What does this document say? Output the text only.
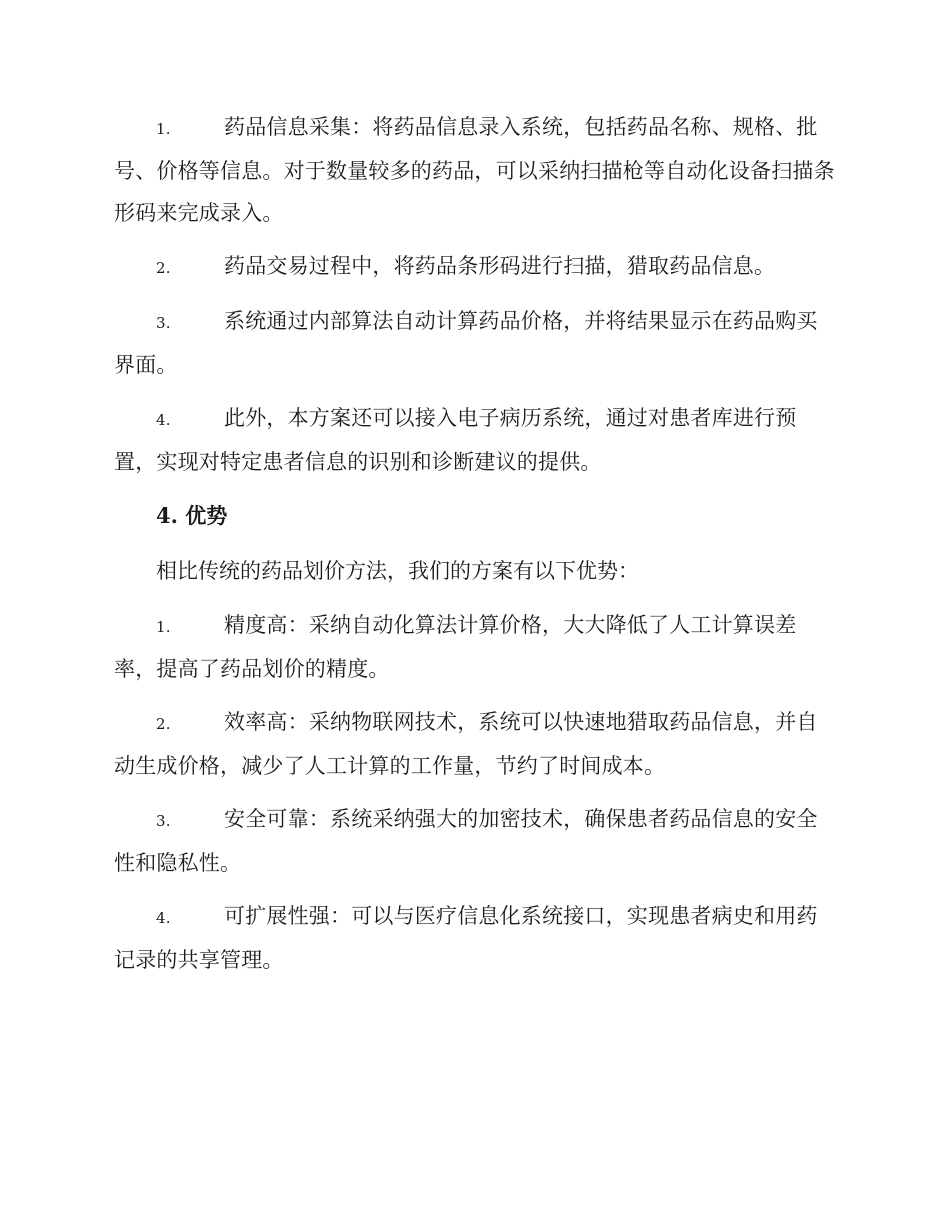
1.	药品信息采集：将药品信息录入系统，包括药品名称、规格、批号、价格等信息。对于数量较多的药品，可以采纳扫描枪等自动化设备扫描条形码来完成录入。

2.	药品交易过程中，将药品条形码进行扫描，猎取药品信息。

3.	系统通过内部算法自动计算药品价格，并将结果显示在药品购买界面。

4.	此外，本方案还可以接入电子病历系统，通过对患者库进行预置，实现对特定患者信息的识别和诊断建议的提供。

4. 优势

相比传统的药品划价方法，我们的方案有以下优势：

1.	精度高：采纳自动化算法计算价格，大大降低了人工计算误差率，提高了药品划价的精度。

2.	效率高：采纳物联网技术，系统可以快速地猎取药品信息，并自动生成价格，减少了人工计算的工作量，节约了时间成本。

3.	安全可靠：系统采纳强大的加密技术，确保患者药品信息的安全性和隐私性。

4.	可扩展性强：可以与医疗信息化系统接口，实现患者病史和用药记录的共享管理。
